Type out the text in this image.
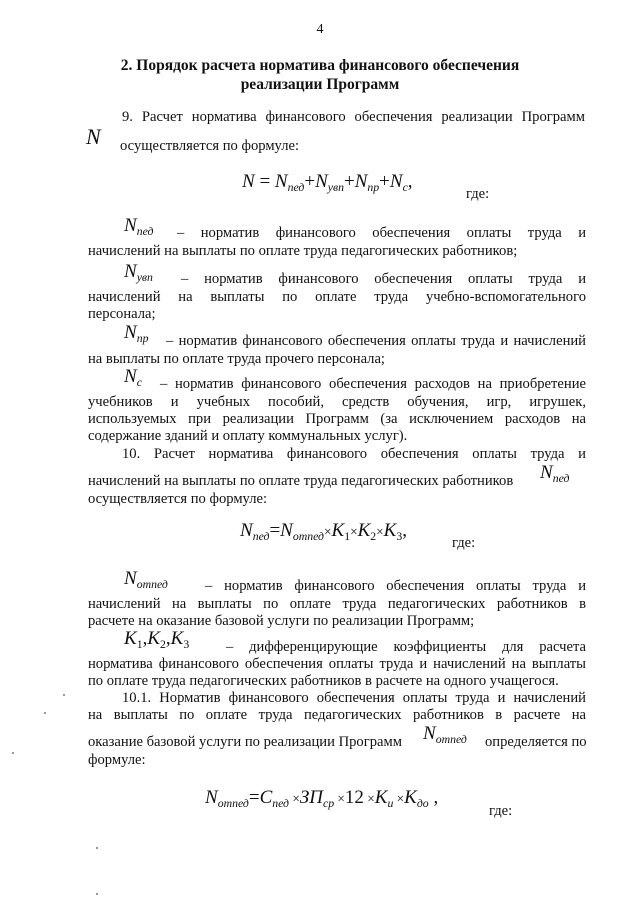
4
2. Порядок расчета норматива финансового обеспечения
реализации Программ
9. Расчет норматива финансового обеспечения реализации Программ
N осуществляется по формуле:
$N = N_{пед}+N_{увп}+N_{пр}+N_c$,
где:
$N_{пед}$ – норматив финансового обеспечения оплаты труда и
начислений на выплаты по оплате труда педагогических работников;
$N_{увп}$ – норматив финансового обеспечения оплаты труда и
начислений на выплаты по оплате труда учебно-вспомогательного
персонала;
$N_{пр}$ – норматив финансового обеспечения оплаты труда и начислений
на выплаты по оплате труда прочего персонала;
$N_c$ – норматив финансового обеспечения расходов на приобретение
учебников и учебных пособий, средств обучения, игр, игрушек,
используемых при реализации Программ (за исключением расходов на
содержание зданий и оплату коммунальных услуг).
10. Расчет норматива финансового обеспечения оплаты труда и
начислений на выплаты по оплате труда педагогических работников $N_{пед}$
осуществляется по формуле:
$N_{пед}=N_{отпед}\times K_1\times K_2\times K_3$,
где:
$N_{отпед}$	– норматив финансового обеспечения оплаты труда и
начислений на выплаты по оплате труда педагогических работников в
расчете на оказание базовой услуги по реализации Программ;
$K_1,K_2,K_3$	– дифференцирующие коэффициенты для расчета
норматива финансового обеспечения оплаты труда и начислений на выплаты
по оплате труда педагогических работников в расчете на одного учащегося.
10.1. Норматив финансового обеспечения оплаты труда и начислений
на выплаты по оплате труда педагогических работников в расчете на
оказание базовой услуги по реализации Программ $N_{отпед}$ определяется по
формуле:
$N_{отпед}=C_{пед} \times ЗП_{ср} \times 12 \times K_и \times K_{до}$ ,
где:
